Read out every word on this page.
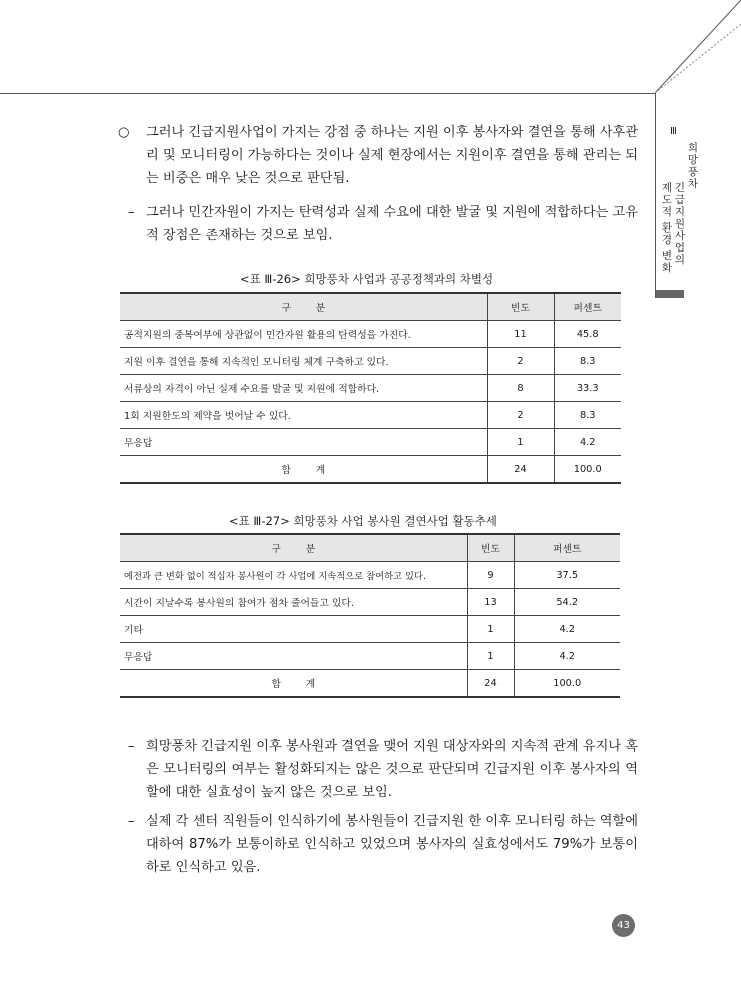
Ⅲ
희망풍차
긴급지원사업의
제도적
환경
변화
○	그러나 긴급지원사업이 가지는 강점 중 하나는 지원 이후 봉사자와 결연을 통해 사후관리 및 모니터링이 가능하다는 것이나 실제 현장에서는 지원이후 결연을 통해 관리는 되는 비중은 매우 낮은 것으로 판단됨.
– 그러나 민간자원이 가지는 탄력성과 실제 수요에 대한 발굴 및 지원에 적합하다는 고유적 장점은 존재하는 것으로 보임.
<표 Ⅲ-26> 희망풍차 사업과 공공정책과의 차별성
구        분	빈도	퍼센트
공적지원의 중복여부에 상관없이 민간자원 활용의 탄력성을 가진다.	11	45.8
지원 이후 결연을 통해 지속적인 모니터링 체계 구축하고 있다.	2	8.3
서류상의 자격이 아닌 실제 수요를 발굴 및 지원에 적합하다.	8	33.3
1회 지원한도의 제약을 벗어날 수 있다.	2	8.3
무응답	1	4.2
합        계	24	100.0
<표 Ⅲ-27> 희망풍차 사업 봉사원 결연사업 활동추세
구        분	빈도	퍼센트
예전과 큰 변화 없이 적십자 봉사원이 각 사업에 지속적으로 참여하고 있다.	9	37.5
시간이 지날수록 봉사원의 참여가 점차 줄어들고 있다.	13	54.2
기타	1	4.2
무응답	1	4.2
합        계	24	100.0
– 희망풍차 긴급지원 이후 봉사원과 결연을 맺어 지원 대상자와의 지속적 관계 유지나 혹은 모니터링의 여부는 활성화되지는 않은 것으로 판단되며 긴급지원 이후 봉사자의 역할에 대한 실효성이 높지 않은 것으로 보임.
– 실제 각 센터 직원들이 인식하기에 봉사원들이 긴급지원 한 이후 모니터링 하는 역할에 대하여 87%가 보통이하로 인식하고 있었으며 봉사자의 실효성에서도 79%가 보통이하로 인식하고 있음.
43
